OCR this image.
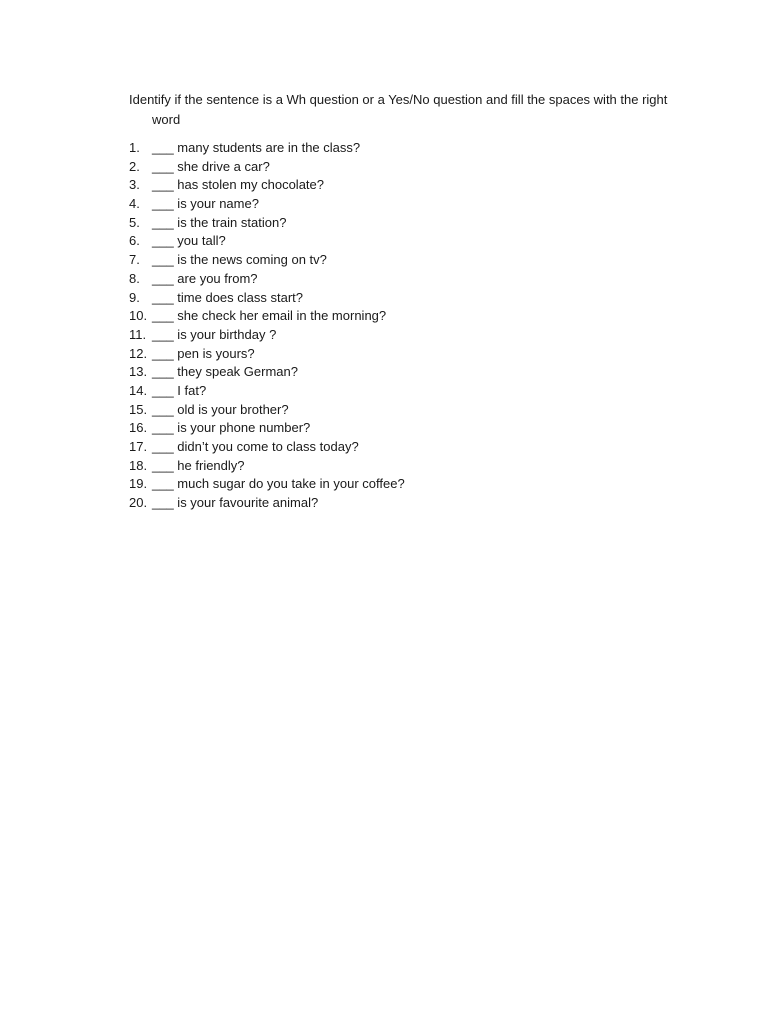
Identify if the sentence is a Wh question or a Yes/No question and fill the spaces with the right word
1. ___ many students are in the class?
2. ___ she drive a car?
3. ___ has stolen my chocolate?
4. ___ is your name?
5. ___ is the train station?
6. ___ you tall?
7. ___ is the news coming on tv?
8. ___ are you from?
9. ___ time does class start?
10. ___ she check her email in the morning?
11. ___ is your birthday ?
12. ___ pen is yours?
13. ___ they speak German?
14. ___ I fat?
15. ___ old is your brother?
16. ___ is your phone number?
17. ___ didn’t you come to class today?
18. ___ he friendly?
19. ___ much sugar do you take in your coffee?
20. ___ is your favourite animal?
